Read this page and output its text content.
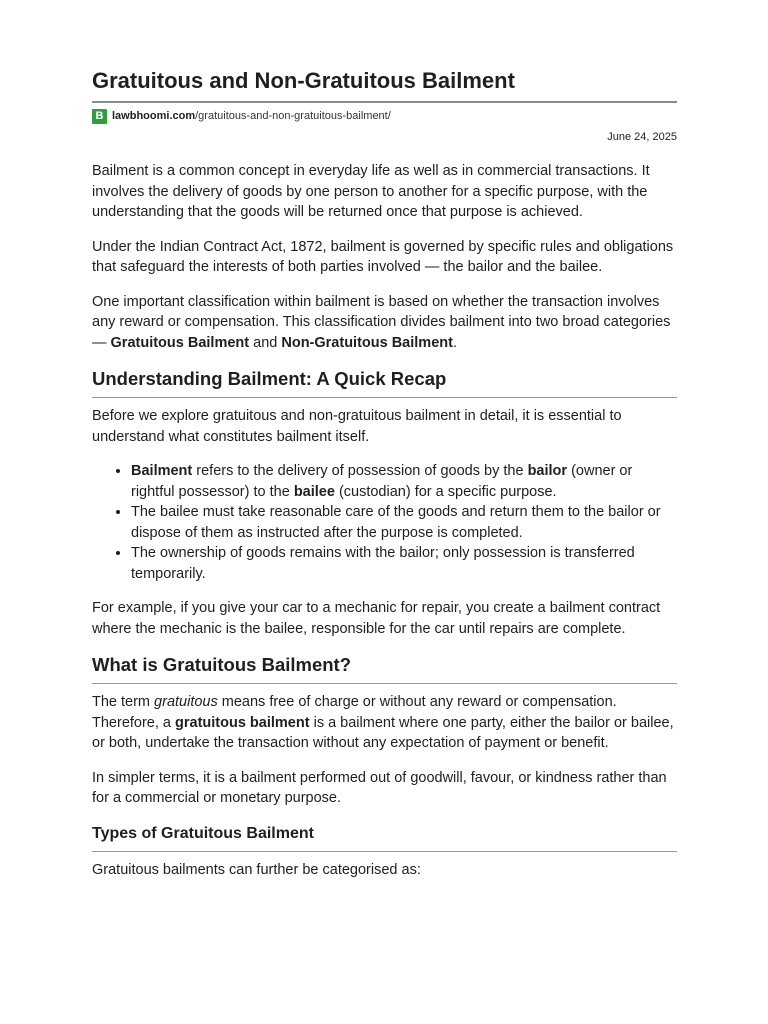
Gratuitous and Non-Gratuitous Bailment
B lawbhoomi.com /gratuitous-and-non-gratuitous-bailment/
June 24, 2025

Bailment is a common concept in everyday life as well as in commercial transactions. It involves the delivery of goods by one person to another for a specific purpose, with the understanding that the goods will be returned once that purpose is achieved.

Under the Indian Contract Act, 1872, bailment is governed by specific rules and obligations that safeguard the interests of both parties involved — the bailor and the bailee.

One important classification within bailment is based on whether the transaction involves any reward or compensation. This classification divides bailment into two broad categories — Gratuitous Bailment and Non-Gratuitous Bailment.

Understanding Bailment: A Quick Recap

Before we explore gratuitous and non-gratuitous bailment in detail, it is essential to understand what constitutes bailment itself.

• Bailment refers to the delivery of possession of goods by the bailor (owner or rightful possessor) to the bailee (custodian) for a specific purpose.
• The bailee must take reasonable care of the goods and return them to the bailor or dispose of them as instructed after the purpose is completed.
• The ownership of goods remains with the bailor; only possession is transferred temporarily.

For example, if you give your car to a mechanic for repair, you create a bailment contract where the mechanic is the bailee, responsible for the car until repairs are complete.

What is Gratuitous Bailment?

The term gratuitous means free of charge or without any reward or compensation. Therefore, a gratuitous bailment is a bailment where one party, either the bailor or bailee, or both, undertake the transaction without any expectation of payment or benefit.

In simpler terms, it is a bailment performed out of goodwill, favour, or kindness rather than for a commercial or monetary purpose.

Types of Gratuitous Bailment

Gratuitous bailments can further be categorised as:
